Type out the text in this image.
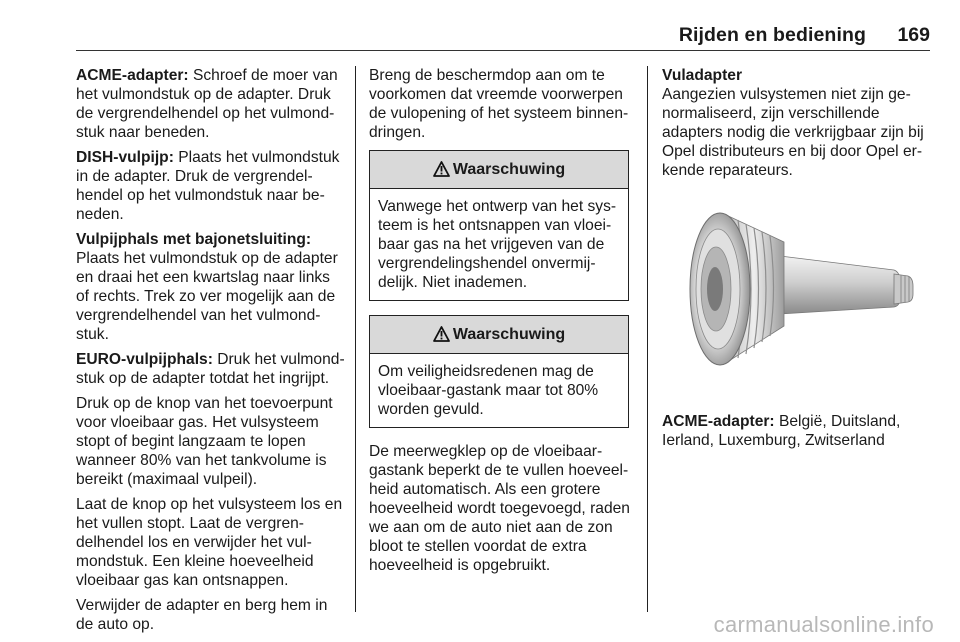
Rijden en bediening 169

ACME-adapter: Schroef de moer van het vulmondstuk op de adapter. Druk de vergrendelhendel op het vulmondstuk naar beneden.

DISH-vulpijp: Plaats het vulmondstuk in de adapter. Druk de vergrendelhendel op het vulmondstuk naar beneden.

Vulpijphals met bajonetsluiting:

Plaats het vulmondstuk op de adapter en draai het een kwartslag naar links of rechts. Trek zo ver mogelijk aan de vergrendelhendel van het vulmondstuk.

EURO-vulpijphals: Druk het vulmondstuk op de adapter totdat het ingrijpt.

Druk op de knop van het toevoerpunt voor vloeibaar gas. Het vulsysteem stopt of begint langzaam te lopen wanneer 80% van het tankvolume is bereikt (maximaal vulpeil).

Laat de knop op het vulsysteem los en het vullen stopt. Laat de vergrendelhendel los en verwijder het vulmondstuk. Een kleine hoeveelheid vloeibaar gas kan ontsnappen.

Verwijder de adapter en berg hem in de auto op.

Breng de beschermdop aan om te voorkomen dat vreemde voorwerpen de vulopening of het systeem binnendringen.

Waarschuwing
Vanwege het ontwerp van het systeem is het ontsnappen van vloeibaar gas na het vrijgeven van de vergrendelingshendel onvermijdelijk. Niet inademen.
Waarschuwing
Om veiligheidsredenen mag de vloeibaar-gastank maar tot 80% worden gevuld.

De meerwegklep op de vloeibaar-gastank beperkt de te vullen hoeveelheid automatisch. Als een grotere hoeveelheid wordt toegevoegd, raden we aan om de auto niet aan de zon bloot te stellen voordat de extra hoeveelheid is opgebruikt.

Vuladapter

Aangezien vulsystemen niet zijn genormaliseerd, zijn verschillende adapters nodig die verkrijgbaar zijn bij Opel distributeurs en bij door Opel erkende reparateurs.

ACME-adapter: België, Duitsland, Ierland, Luxemburg, Zwitserland

carmanualsonline.info
